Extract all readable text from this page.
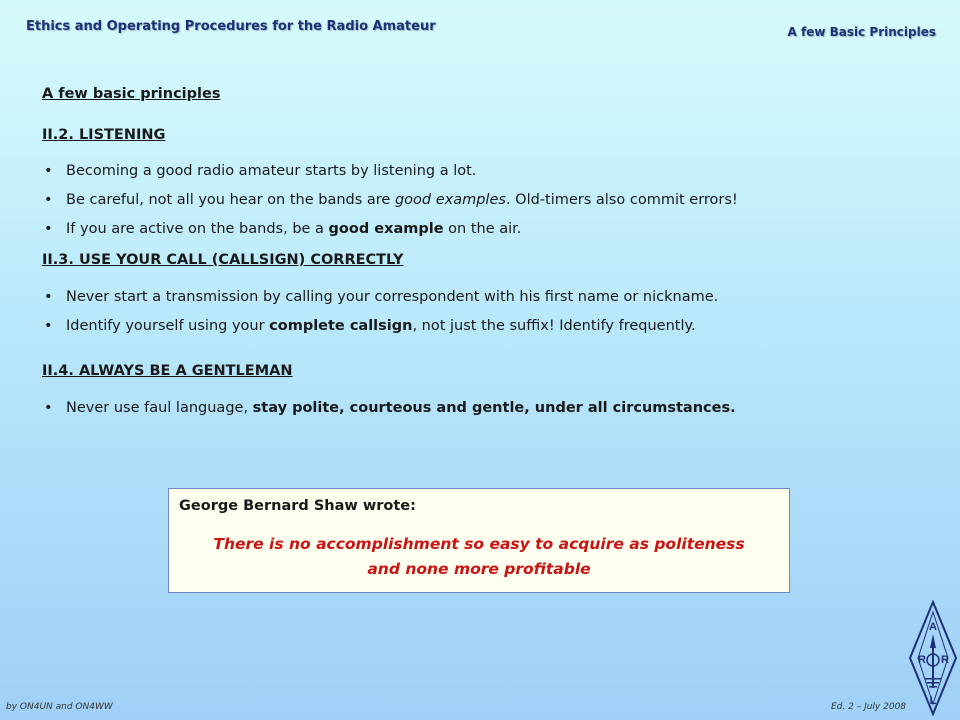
Ethics and Operating Procedures for the Radio Amateur	A few Basic Principles
A few basic principles
II.2. LISTENING
• Becoming a good radio amateur starts by listening a lot.
• Be careful, not all you hear on the bands are good examples. Old-timers also commit errors!
• If you are active on the bands, be a good example on the air.
II.3. USE YOUR CALL (CALLSIGN) CORRECTLY
• Never start a transmission by calling your correspondent with his first name or nickname.
• Identify yourself using your complete callsign, not just the suffix! Identify frequently.
II.4. ALWAYS BE A GENTLEMAN
• Never use faul language, stay polite, courteous and gentle, under all circumstances.
George Bernard Shaw wrote:
There is no accomplishment so easy to acquire as politeness
and none more profitable
by ON4UN and ON4WW	Ed. 2 – July 2008
A
R R
L
